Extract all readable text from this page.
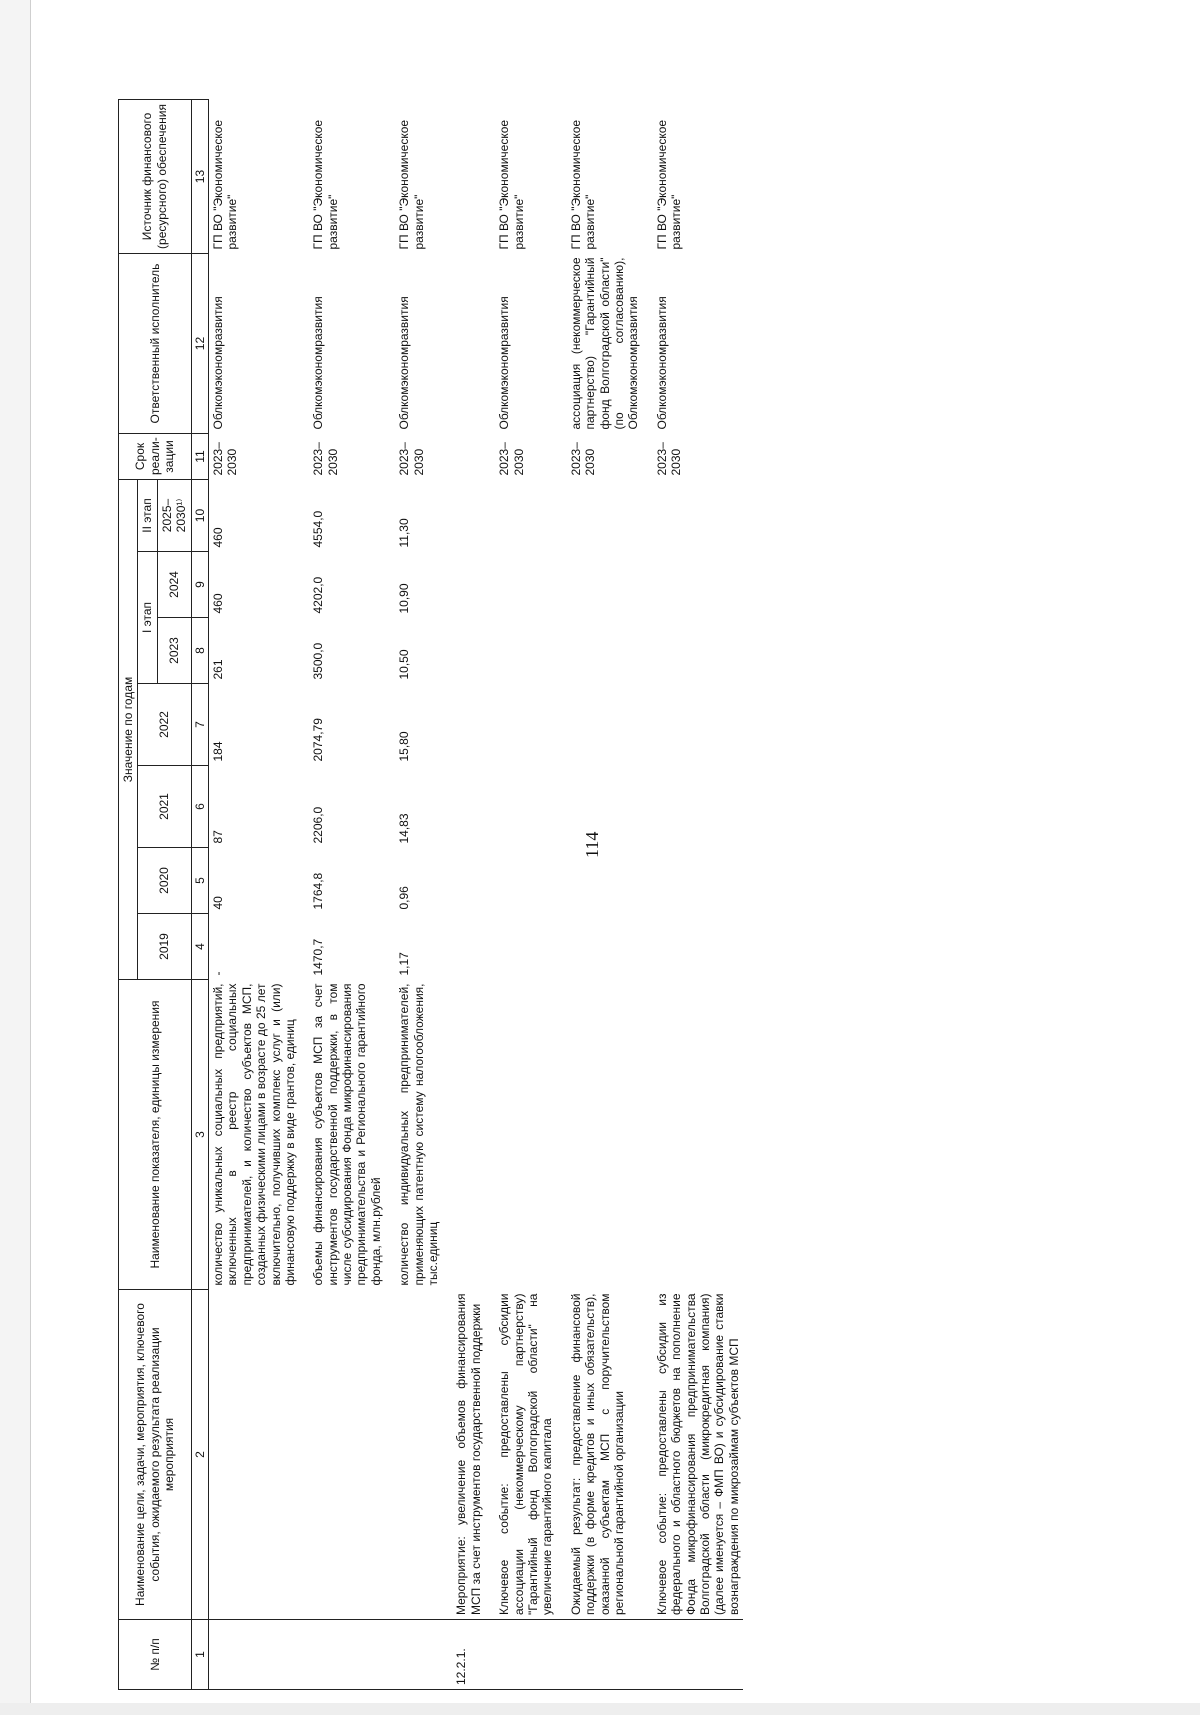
114
№ п/п	Наименование цели, задачи, мероприятия, ключевого события, ожидаемого результата реализации мероприятия	Наименование показателя, единицы измерения	Значение по годам							Срок реали-зации	Ответственный исполнитель	Источник финансового (ресурсного) обеспечения
			2019	2020	2021	2022	I этап		II этап			
							2023	2024	2025–2030¹⁾			
1	2	3	4	5	6	7	8	9	10	11	12	13
		количество уникальных социальных предприятий, включенных в реестр социальных предпринимателей, и количество субъектов МСП, созданных физическими лицами в возрасте до 25 лет включительно, получивших комплекс услуг и (или) финансовую поддержку в виде грантов, единиц	-	40	87	184	261	460	460	2023–2030	Облкомэкономразвития	ГП ВО "Экономическое развитие"

		объемы финансирования субъектов МСП за счет инструментов государственной поддержки, в том числе субсидирования Фонда микрофинансирования предпринимательства и Регионального гарантийного фонда, млн.рублей	1470,7	1764,8	2206,0	2074,79	3500,0	4202,0	4554,0	2023–2030	Облкомэкономразвития	ГП ВО "Экономическое развитие"

		количество индивидуальных предпринимателей, применяющих патентную систему налогообложения, тыс.единиц	1,17	0,96	14,83	15,80	10,50	10,90	11,30	2023–2030	Облкомэкономразвития	ГП ВО "Экономическое развитие"

12.2.1.	Мероприятие: увеличение объемов финансирования МСП за счет инструментов государственной поддержки											

	Ключевое событие: предоставлены субсидии ассоциации (некоммерческому партнерству) "Гарантийный фонд Волгоградской области" на увеличение гарантийного капитала									2023–2030	Облкомэкономразвития	ГП ВО "Экономическое развитие"

	Ожидаемый результат: предоставление финансовой поддержки (в форме кредитов и иных обязательств), оказанной субъектам МСП с поручительством региональной гарантийной организации									2023–2030	ассоциация (некоммерческое партнерство) "Гарантийный фонд Волгоградской области" (по согласованию), Облкомэкономразвития	ГП ВО "Экономическое развитие"

	Ключевое событие: предоставлены субсидии из федерального и областного бюджетов на пополнение Фонда микрофинансирования предпринимательства Волгоградской области (микрокредитная компания) (далее именуется – ФМП ВО) и субсидирование ставки вознаграждения по микрозаймам субъектов МСП									2023–2030	Облкомэкономразвития	ГП ВО "Экономическое развитие"
